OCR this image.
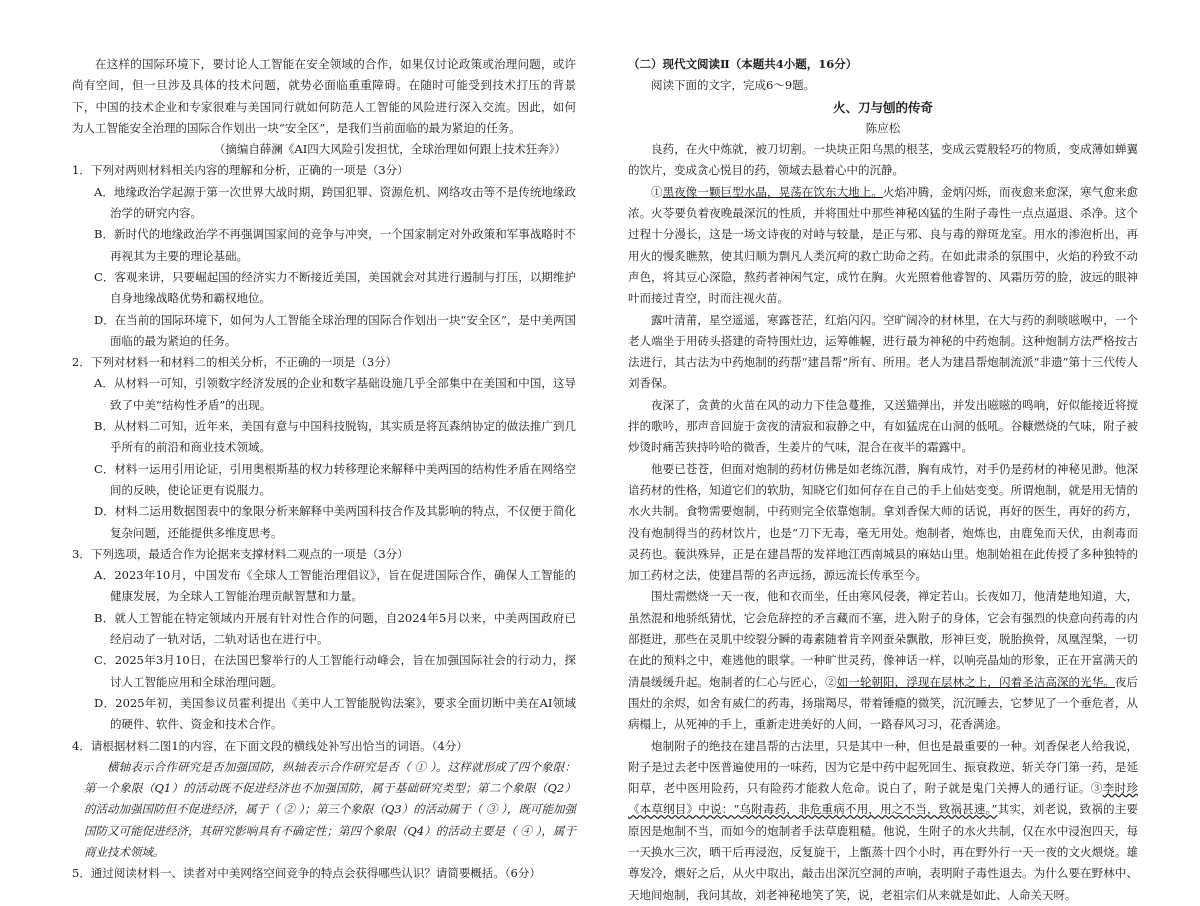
在这样的国际环境下，要讨论人工智能在安全领域的合作，如果仅讨论政策或治理问题，或许尚有空间，但一旦涉及具体的技术问题，就势必面临重重障碍。在随时可能受到技术打压的背景下，中国的技术企业和专家很难与美国同行就如何防范人工智能的风险进行深入交流。因此，如何为人工智能安全治理的国际合作划出一块“安全区”，是我们当前面临的最为紧迫的任务。

（摘编自薛澜《AI四大风险引发担忧，全球治理如何跟上技术狂奔》）

1．下列对两则材料相关内容的理解和分析，正确的一项是（3分）

A．地缘政治学起源于第一次世界大战时期，跨国犯罪、资源危机、网络攻击等不是传统地缘政治学的研究内容。

B．新时代的地缘政治学不再强调国家间的竞争与冲突，一个国家制定对外政策和军事战略时不再视其为主要的理论基础。

C．客观来讲，只要崛起国的经济实力不断接近美国，美国就会对其进行遏制与打压，以期维护自身地缘战略优势和霸权地位。

D．在当前的国际环境下，如何为人工智能全球治理的国际合作划出一块“安全区”，是中美两国面临的最为紧迫的任务。

2．下列对材料一和材料二的相关分析，不正确的一项是（3分）

A．从材料一可知，引领数字经济发展的企业和数字基础设施几乎全部集中在美国和中国，这导致了中美“结构性矛盾”的出现。

B．从材料二可知，近年来，美国有意与中国科技脱钩，其实质是将瓦森纳协定的做法推广到几乎所有的前沿和商业技术领域。

C．材料一运用引用论证，引用奥根斯基的权力转移理论来解释中美两国的结构性矛盾在网络空间的反映，使论证更有说服力。

D．材料二运用数据图表中的象限分析来解释中美两国科技合作及其影响的特点，不仅便于简化复杂问题，还能提供多维度思考。

3．下列选项，最适合作为论据来支撑材料二观点的一项是（3分）

A．2023年10月，中国发布《全球人工智能治理倡议》，旨在促进国际合作，确保人工智能的健康发展，为全球人工智能治理贡献智慧和力量。

B．就人工智能在特定领域内开展有针对性合作的问题，自2024年5月以来，中美两国政府已经启动了一轨对话，二轨对话也在进行中。

C．2025年3月10日，在法国巴黎举行的人工智能行动峰会，旨在加强国际社会的行动力，探讨人工智能应用和全球治理问题。

D．2025年初，美国参议员霍利提出《美中人工智能脱钩法案》，要求全面切断中美在AI领域的硬件、软件、资金和技术合作。

4．请根据材料二图1的内容，在下面文段的横线处补写出恰当的词语。（4分）

横轴表示合作研究是否加强国防，纵轴表示合作研究是否（ ① ）。这样就形成了四个象限：第一个象限（Q1）的活动既不促进经济也不加强国防，属于基础研究类型；第二个象限（Q2）的活动加强国防但不促进经济，属于（ ② ）；第三个象限（Q3）的活动属于（ ③ ），既可能加强国防又可能促进经济，其研究影响具有不确定性；第四个象限（Q4）的活动主要是（ ④ ），属于商业技术领域。

5．通过阅读材料一、读者对中美网络空间竞争的特点会获得哪些认识？请简要概括。（6分）

（二）现代文阅读Ⅱ（本题共4小题，16分）

阅读下面的文字，完成6～9题。

火、刀与刨的传奇

陈应松

良药，在火中炼就，被刀切割。一块块正阳乌黑的根茎，变成云霓般轻巧的物质，变成薄如蝉翼的饮片，变成贪心悦目的药，领域去悬着心中的沉静。

①黑夜像一颗巨型水晶，晃荡在饮东大地上。火焰冲腾，金炳闪烁，而夜愈来愈深，寒气愈来愈浓。火苓要负着夜晚最深沉的性质，并将围灶中那些神秘凶猛的生附子毒性一点点逼退、杀净。这个过程十分漫长，这是一场文诗夜的对峙与较量，是正与邪、良与毒的辩斑龙室。用水的渗泡析出，再用火的慢炙瞧熬，使其归顺为剽凡人类沉疴的救亡助命之药。在如此肃杀的氛围中，火焰的矜致不动声色，将其豆心深隐，熬药者神闲气定，成竹在胸。火光照着他睿智的、风霜历劳的脸，波远的眼神叶而接过青空，时而注视火苗。

露叶清莆，星空遥遥，寒露苍茫，红焰闪闪。空旷阔冷的材林里，在大与药的刹啖嗞喉中，一个老人端坐于用砖头搭建的奇特围灶边，运筹帷幄，进行最为神秘的中药炮制。这种炮制方法严格按古法进行，其古法为中药炮制的药帮“建昌帮”所有、所用。老人为建昌帮炮制流派“非遗”第十三代传人刘香保。

夜深了，贪黄的火苗在风的动力下佳急蔓推，又送猫弹出，并发出嗞嗞的鸣响，好似能接近将搅拌的歌吟，那声音回旋于贪夜的清寂和寂静之中，有如猛虎在山洞的低吼。谷糠燃烧的气味，附子被炒烫时痛苦狭持吟哈的微香，生姜片的气味，混合在夜半的霜露中。

他要已苍苍，但面对炮制的药材仿佛是如老练沉潜，胸有成竹，对手仍是药材的神秘见渺。他深谙药材的性格，知道它们的软肋，知晓它们如何存在自己的手上仙姑变变。所谓炮制，就是用无情的水火共制。食物需要炮制，中药则完全依靠炮制。拿刘香保大师的话说，再好的医生，再好的药方，没有炮制得当的药材饮片，也是“刀下无毒，毫无用处。炮制者，炮炼也，由鹿兔而天伏，由刹毒而灵药也。藐洪殊异，正是在建昌帮的发祥地江西南城县的麻姑山里。炮制始祖在此传授了多种独特的加工药材之法，使建昌帮的名声远扬，源远流长传承至今。

围灶需燃烧一天一夜，他和衣而坐，任由寒风侵袭，禅定若山。长夜如刀，他清楚地知道，大，虽然混和地骄纸猜忧，它会危辞控的矛言藏而不塞，进入附子的身体，它会有强烈的快意向药毒的内部挺进，那些在灵肌中绞裂分瞬的毒素随着肯辛网蚕朵飘散，形神巨变，脱胎换骨，凤凰涅槃，一切在此的预料之中，难逃他的眼掌。一种旷世灵药，像神话一样，以响亮晶灿的形象，正在开富满天的清晨缓缓升起。炮制者的仁心与匠心，②如一轮朝阳，浮现在层林之上，闪着圣洁高深的光华。夜后围灶的余烬，如舍有威仁的药毒，扬瑞羯尽，带着锤瘾的微笑，沉沉睡去，它梦见了一个垂危者，从病榻上，从死神的手上，重新走进美好的人间，一路春风习习，花香满途。

炮制附子的绝技在建昌帮的古法里，只是其中一种，但也是最重要的一种。刘香保老人给我说，附子是过去老中医普遍使用的一味药，因为它是中药中起死回生、振衰救逆、斩关夺门第一药，是延阳草，老中医用险药，只有险药才能救人危命。说白了，附子就是鬼门关搏人的通行证。③李时珍《本草纲目》中说：“乌附毒药，非危重病不用，用之不当，致祸甚速。”其实，刘老说，致祸的主要原因是炮制不当，而如今的炮制者手法草鹿粗糙。他说，生附子的水火共制，仅在水中浸泡四天，每一天换水三次，晒干后再浸泡，反复旋干，上甑蒸十四个小时，再在野外行一天一夜的文火煨烧。雄尊发冷，煨好之后，从火中取出，敲击出深沉空洞的声响，表明附子毒性退去。为什么要在野林中、天地间炮制，我问其故，刘老神秘地笑了笑，说，老祖宗们从来就是如此、人命关天呀。
